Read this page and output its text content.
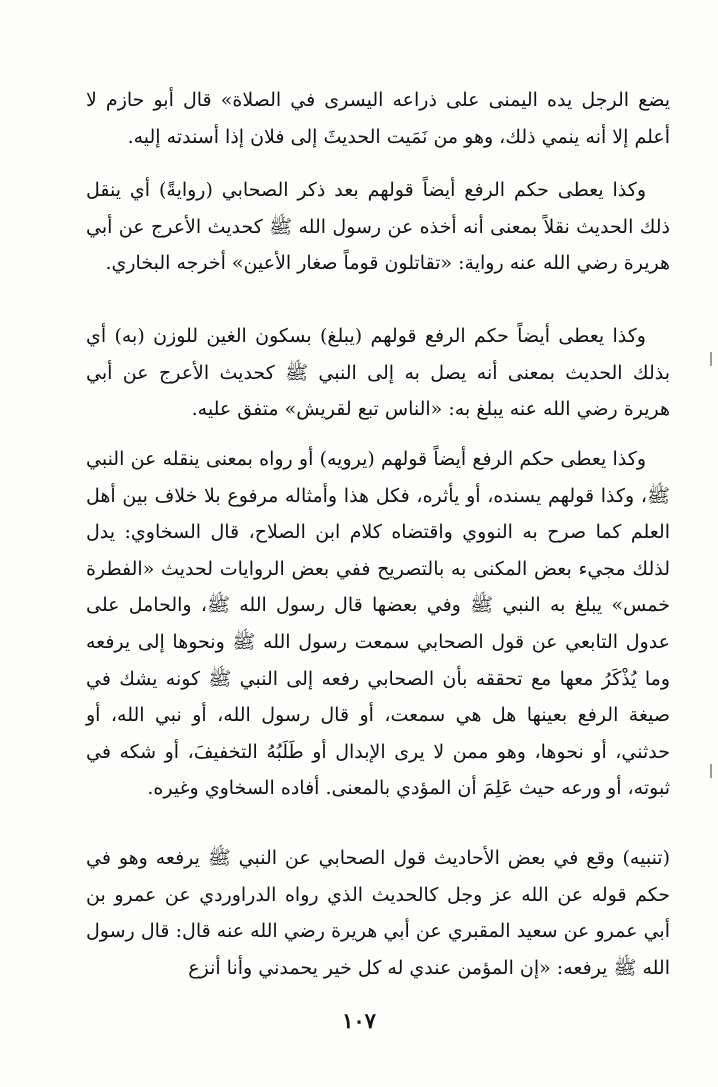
يضع الرجل يده اليمنى على ذراعه اليسرى في الصلاة» قال أبو حازم لا أعلم إلا أنه ينمي ذلك، وهو من نَمَيت الحديثَ إلى فلان إذا أسندته إليه.

وكذا يعطى حكم الرفع أيضاً قولهم بعد ذكر الصحابي (روايةً) أي ينقل ذلك الحديث نقلاً بمعنى أنه أخذه عن رسول الله ﷺ كحديث الأعرج عن أبي هريرة رضي الله عنه رواية: «تقاتلون قوماً صغار الأعين» أخرجه البخاري.

وكذا يعطى أيضاً حكم الرفع قولهم (يبلغ) بسكون الغين للوزن (به) أي بذلك الحديث بمعنى أنه يصل به إلى النبي ﷺ كحديث الأعرج عن أبي هريرة رضي الله عنه يبلغ به: «الناس تبع لقريش» متفق عليه.

وكذا يعطى حكم الرفع أيضاً قولهم (يرويه) أو رواه بمعنى ينقله عن النبي ﷺ، وكذا قولهم يسنده، أو يأثره، فكل هذا وأمثاله مرفوع بلا خلاف بين أهل العلم كما صرح به النووي واقتضاه كلام ابن الصلاح، قال السخاوي: يدل لذلك مجيء بعض المكنى به بالتصريح ففي بعض الروايات لحديث «الفطرة خمس» يبلغ به النبي ﷺ وفي بعضها قال رسول الله ﷺ، والحامل على عدول التابعي عن قول الصحابي سمعت رسول الله ﷺ ونحوها إلى يرفعه وما يُذْكَرُ معها مع تحققه بأن الصحابي رفعه إلى النبي ﷺ كونه يشك في صيغة الرفع بعينها هل هي سمعت، أو قال رسول الله، أو نبي الله، أو حدثني، أو نحوها، وهو ممن لا يرى الإبدال أو طَلَبُهُ التخفيفَ، أو شكه في ثبوته، أو ورعه حيث عَلِمَ أن المؤدي بالمعنى. أفاده السخاوي وغيره.

(تنبيه) وقع في بعض الأحاديث قول الصحابي عن النبي ﷺ يرفعه وهو في حكم قوله عن الله عز وجل كالحديث الذي رواه الدراوردي عن عمرو بن أبي عمرو عن سعيد المقبري عن أبي هريرة رضي الله عنه قال: قال رسول الله ﷺ يرفعه: «إن المؤمن عندي له كل خير يحمدني وأنا أنزع

١٠٧
